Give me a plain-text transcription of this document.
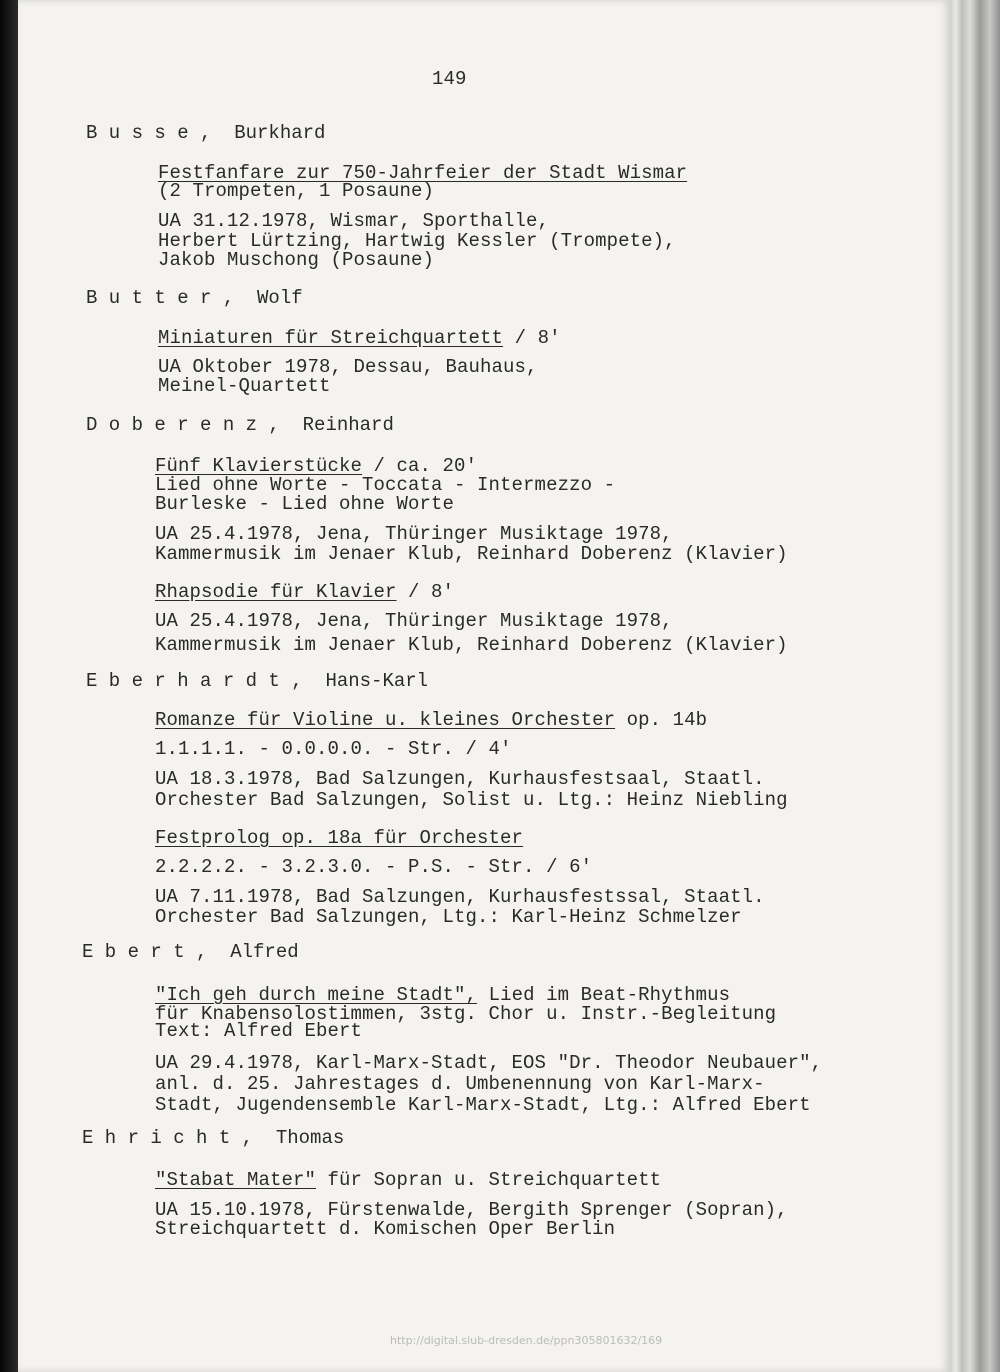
149
B u s s e ,  Burkhard
Festfanfare zur 750-Jahrfeier der Stadt Wismar
(2 Trompeten, 1 Posaune)
UA 31.12.1978, Wismar, Sporthalle,
Herbert Lürtzing, Hartwig Kessler (Trompete),
Jakob Muschong (Posaune)
B u t t e r ,  Wolf
Miniaturen für Streichquartett / 8'
UA Oktober 1978, Dessau, Bauhaus,
Meinel-Quartett
D o b e r e n z ,  Reinhard
Fünf Klavierstücke / ca. 20'
Lied ohne Worte - Toccata - Intermezzo -
Burleske - Lied ohne Worte
UA 25.4.1978, Jena, Thüringer Musiktage 1978,
Kammermusik im Jenaer Klub, Reinhard Doberenz (Klavier)
Rhapsodie für Klavier / 8'
UA 25.4.1978, Jena, Thüringer Musiktage 1978,
Kammermusik im Jenaer Klub, Reinhard Doberenz (Klavier)
E b e r h a r d t ,  Hans-Karl
Romanze für Violine u. kleines Orchester op. 14b
1.1.1.1. - 0.0.0.0. - Str. / 4'
UA 18.3.1978, Bad Salzungen, Kurhausfestsaal, Staatl.
Orchester Bad Salzungen, Solist u. Ltg.: Heinz Niebling
Festprolog op. 18a für Orchester
2.2.2.2. - 3.2.3.0. - P.S. - Str. / 6'
UA 7.11.1978, Bad Salzungen, Kurhausfestssal, Staatl.
Orchester Bad Salzungen, Ltg.: Karl-Heinz Schmelzer
E b e r t ,  Alfred
"Ich geh durch meine Stadt", Lied im Beat-Rhythmus
für Knabensolostimmen, 3stg. Chor u. Instr.-Begleitung
Text: Alfred Ebert
UA 29.4.1978, Karl-Marx-Stadt, EOS "Dr. Theodor Neubauer",
anl. d. 25. Jahrestages d. Umbenennung von Karl-Marx-
Stadt, Jugendensemble Karl-Marx-Stadt, Ltg.: Alfred Ebert
E h r i c h t ,  Thomas
"Stabat Mater" für Sopran u. Streichquartett
UA 15.10.1978, Fürstenwalde, Bergith Sprenger (Sopran),
Streichquartett d. Komischen Oper Berlin
http://digital.slub-dresden.de/ppn305801632/169
